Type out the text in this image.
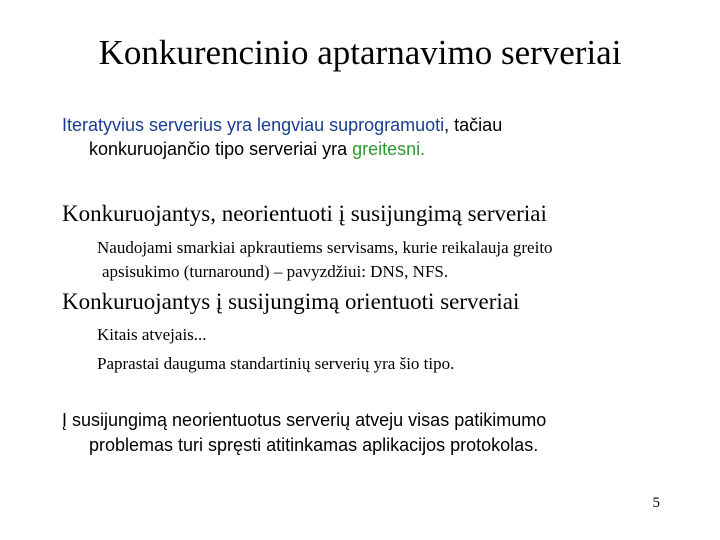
Konkurencinio aptarnavimo serveriai
Iteratyvius serverius yra lengviau suprogramuoti, tačiau
konkuruojančio tipo serveriai yra greitesni.
Konkuruojantys, neorientuoti į susijungimą serveriai
Naudojami smarkiai apkrautiems servisams, kurie reikalauja greito
apsisukimo (turnaround) – pavyzdžiui: DNS, NFS.
Konkuruojantys į susijungimą orientuoti serveriai
Kitais atvejais...
Paprastai dauguma standartinių serverių yra šio tipo.
Į susijungimą neorientuotus serverių atveju visas patikimumo
problemas turi spręsti atitinkamas aplikacijos protokolas.
5
